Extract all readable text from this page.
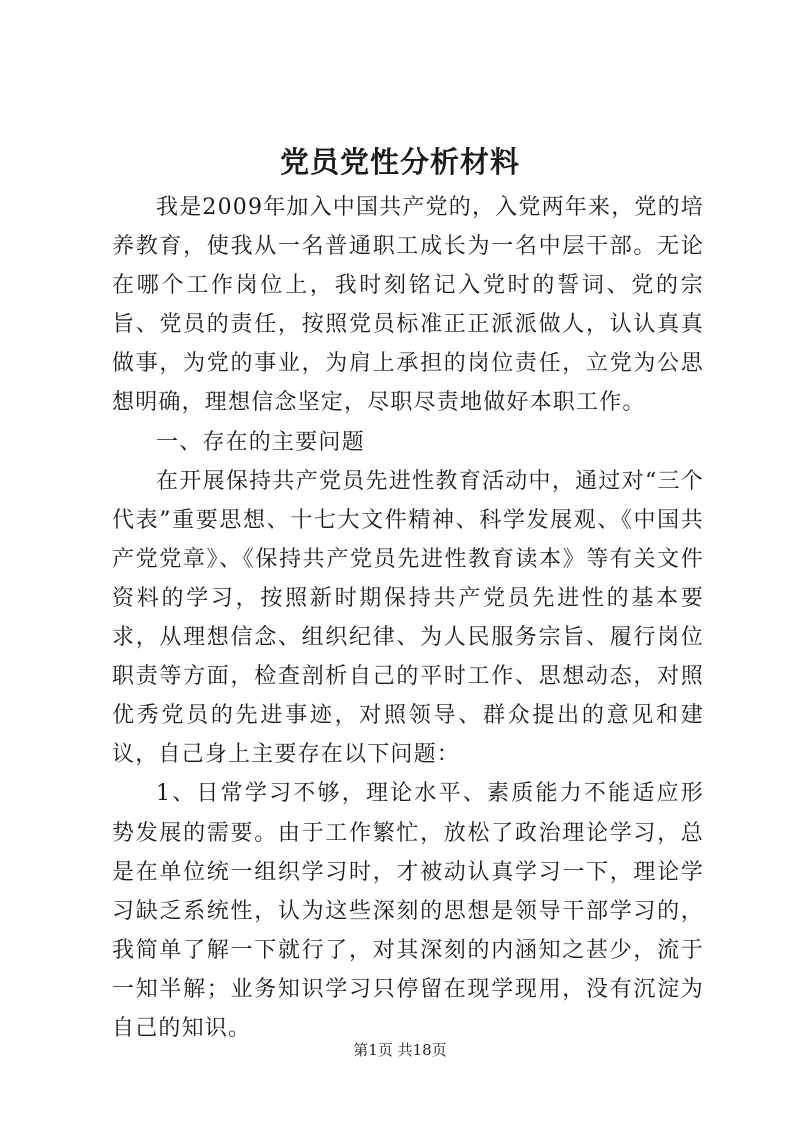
党员党性分析材料

我是2009年加入中国共产党的，入党两年来，党的培养教育，使我从一名普通职工成长为一名中层干部。无论在哪个工作岗位上，我时刻铭记入党时的誓词、党的宗旨、党员的责任，按照党员标准正正派派做人，认认真真做事，为党的事业，为肩上承担的岗位责任，立党为公思想明确，理想信念坚定，尽职尽责地做好本职工作。

一、存在的主要问题

在开展保持共产党员先进性教育活动中，通过对“三个代表”重要思想、十七大文件精神、科学发展观、《中国共产党党章》、《保持共产党员先进性教育读本》等有关文件资料的学习，按照新时期保持共产党员先进性的基本要求，从理想信念、组织纪律、为人民服务宗旨、履行岗位职责等方面，检查剖析自己的平时工作、思想动态，对照优秀党员的先进事迹，对照领导、群众提出的意见和建议，自己身上主要存在以下问题：

1、日常学习不够，理论水平、素质能力不能适应形势发展的需要。由于工作繁忙，放松了政治理论学习，总是在单位统一组织学习时，才被动认真学习一下，理论学习缺乏系统性，认为这些深刻的思想是领导干部学习的，我简单了解一下就行了，对其深刻的内涵知之甚少，流于一知半解；业务知识学习只停留在现学现用，没有沉淀为自己的知识。

第1页 共18页
